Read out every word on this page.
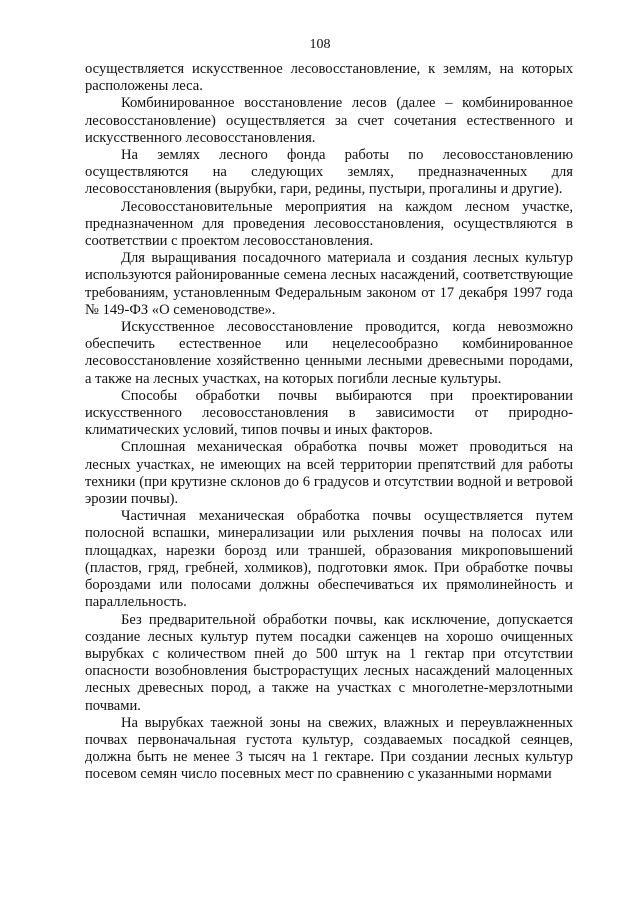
108

осуществляется искусственное лесовосстановление, к землям, на которых расположены леса.

Комбинированное восстановление лесов (далее – комбинированное лесовосстановление) осуществляется за счет сочетания естественного и искусственного лесовосстановления.

На землях лесного фонда работы по лесовосстановлению осуществляются на следующих землях, предназначенных для лесовосстановления (вырубки, гари, редины, пустыри, прогалины и другие).

Лесовосстановительные мероприятия на каждом лесном участке, предназначенном для проведения лесовосстановления, осуществляются в соответствии с проектом лесовосстановления.

Для выращивания посадочного материала и создания лесных культур используются районированные семена лесных насаждений, соответствующие требованиям, установленным Федеральным законом от 17 декабря 1997 года № 149-ФЗ «О семеноводстве».

Искусственное лесовосстановление проводится, когда невозможно обеспечить естественное или нецелесообразно комбинированное лесовосстановление хозяйственно ценными лесными древесными породами, а также на лесных участках, на которых погибли лесные культуры.

Способы обработки почвы выбираются при проектировании искусственного лесовосстановления в зависимости от природно-климатических условий, типов почвы и иных факторов.

Сплошная механическая обработка почвы может проводиться на лесных участках, не имеющих на всей территории препятствий для работы техники (при крутизне склонов до 6 градусов и отсутствии водной и ветровой эрозии почвы).

Частичная механическая обработка почвы осуществляется путем полосной вспашки, минерализации или рыхления почвы на полосах или площадках, нарезки борозд или траншей, образования микроповышений (пластов, гряд, гребней, холмиков), подготовки ямок. При обработке почвы бороздами или полосами должны обеспечиваться их прямолинейность и параллельность.

Без предварительной обработки почвы, как исключение, допускается создание лесных культур путем посадки саженцев на хорошо очищенных вырубках с количеством пней до 500 штук на 1 гектар при отсутствии опасности возобновления быстрорастущих лесных насаждений малоценных лесных древесных пород, а также на участках с многолетне-мерзлотными почвами.

На вырубках таежной зоны на свежих, влажных и переувлажненных почвах первоначальная густота культур, создаваемых посадкой сеянцев, должна быть не менее 3 тысяч на 1 гектаре. При создании лесных культур посевом семян число посевных мест по сравнению с указанными нормами
